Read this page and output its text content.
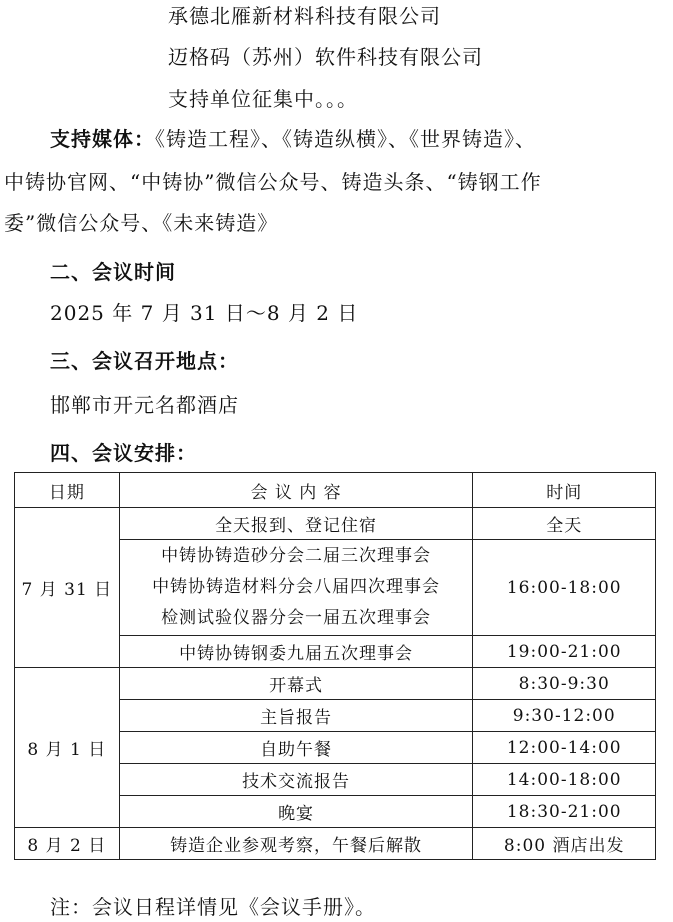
承德北雁新材料科技有限公司
迈格码（苏州）软件科技有限公司
支持单位征集中。。。
支持媒体：《铸造工程》、《铸造纵横》、《世界铸造》、
中铸协官网、“中铸协”微信公众号、铸造头条、“铸钢工作
委”微信公众号、《未来铸造》
二、会议时间
2025 年 7 月 31 日～8 月 2 日
三、会议召开地点：
邯郸市开元名都酒店
四、会议安排：
日期	会 议 内 容	时间
7 月 31 日	全天报到、登记住宿	全天

	中铸协铸造砂分会二届三次理事会
中铸协铸造材料分会八届四次理事会
检测试验仪器分会一届五次理事会	16:00-18:00
	中铸协铸钢委九届五次理事会	19:00-21:00
8 月 1 日	开幕式	8:30-9:30
	主旨报告	9:30-12:00
	自助午餐	12:00-14:00
	技术交流报告	14:00-18:00
	晚宴	18:30-21:00
8 月 2 日	铸造企业参观考察，午餐后解散	8:00 酒店出发
注：会议日程详情见《会议手册》。
